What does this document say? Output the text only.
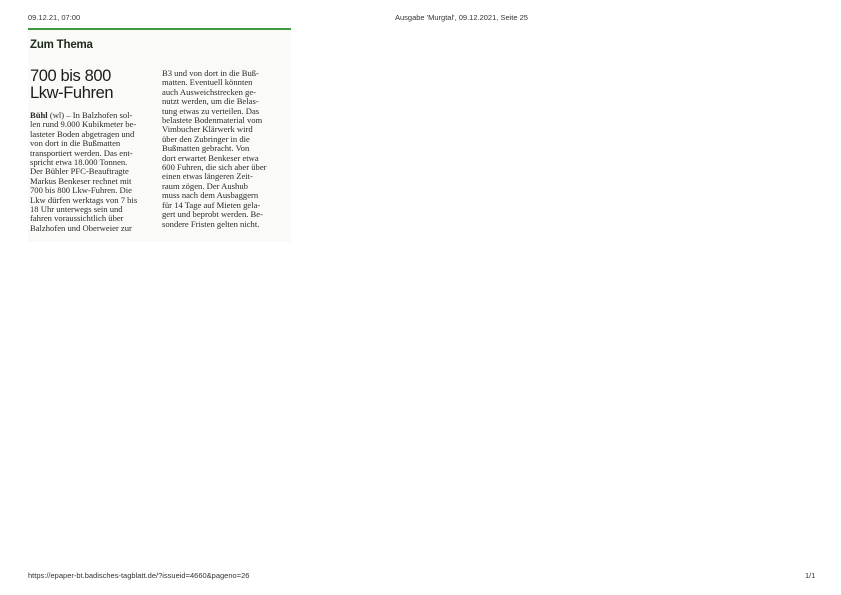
09.12.21, 07:00	Ausgabe 'Murgtal', 09.12.2021, Seite 25
Zum Thema
700 bis 800
Lkw-Fuhren
Bühl (wl) – In Balzhofen sol-
len rund 9.000 Kubikmeter be-
lasteter Boden abgetragen und
von dort in die Bußmatten
transportiert werden. Das ent-
spricht etwa 18.000 Tonnen.
Der Bühler PFC-Beauftragte
Markus Benkeser rechnet mit
700 bis 800 Lkw-Fuhren. Die
Lkw dürfen werktags von 7 bis
18 Uhr unterwegs sein und
fahren voraussichtlich über
Balzhofen und Oberweier zur
B3 und von dort in die Buß-
matten. Eventuell könnten
auch Ausweichstrecken ge-
nutzt werden, um die Belas-
tung etwas zu verteilen. Das
belastete Bodenmaterial vom
Vimbucher Klärwerk wird
über den Zubringer in die
Bußmatten gebracht. Von
dort erwartet Benkeser etwa
600 Fuhren, die sich aber über
einen etwas längeren Zeit-
raum zögen. Der Aushub
muss nach dem Ausbaggern
für 14 Tage auf Mieten gela-
gert und beprobt werden. Be-
sondere Fristen gelten nicht.
https://epaper-bt.badisches-tagblatt.de/?issueid=4660&pageno=26	1/1
